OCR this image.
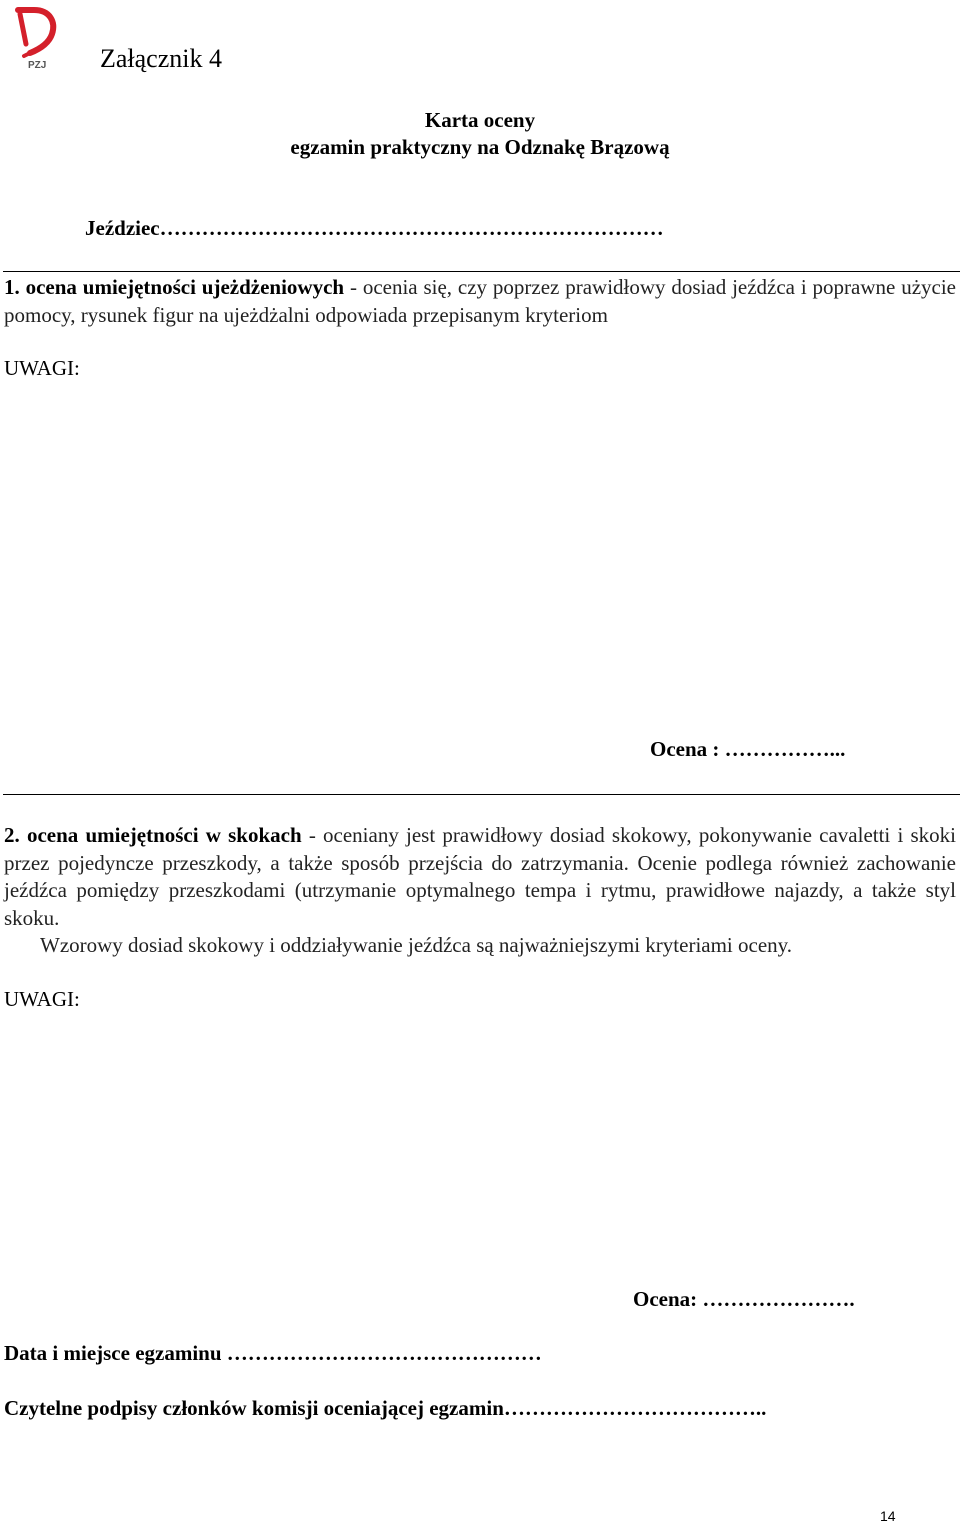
PZJ Załącznik 4
Karta oceny
egzamin praktyczny na Odznakę Brązową
Jeździec………………………………………………………………
1. ocena umiejętności ujeżdżeniowych - ocenia się, czy poprzez prawidłowy dosiad jeźdźca i poprawne użycie pomocy, rysunek figur na ujeżdżalni odpowiada przepisanym kryteriom
UWAGI:
Ocena : ……………...
2. ocena umiejętności w skokach - oceniany jest prawidłowy dosiad skokowy, pokonywanie cavaletti i skoki przez pojedyncze przeszkody, a także sposób przejścia do zatrzymania. Ocenie podlega również zachowanie jeźdźca pomiędzy przeszkodami (utrzymanie optymalnego tempa i rytmu, prawidłowe najazdy, a także styl skoku.
Wzorowy dosiad skokowy i oddziaływanie jeźdźca są najważniejszymi kryteriami oceny.
UWAGI:
Ocena: ………………….
Data i miejsce egzaminu ………………………………………
Czytelne podpisy członków komisji oceniającej egzamin………………………………..
14
